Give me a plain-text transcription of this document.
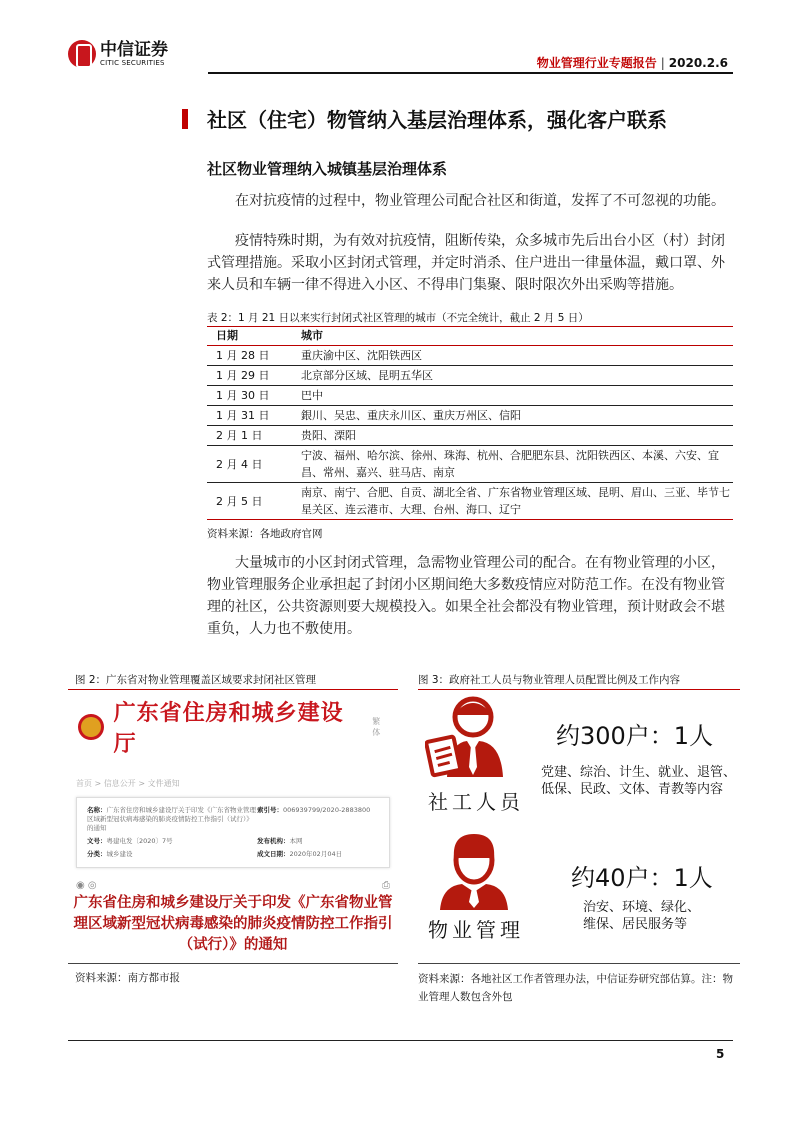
中信证券
CITIC SECURITIES	物业管理行业专题报告 | 2020.2.6
社区（住宅）物管纳入基层治理体系，强化客户联系
社区物业管理纳入城镇基层治理体系

在对抗疫情的过程中，物业管理公司配合社区和街道，发挥了不可忽视的功能。

疫情特殊时期，为有效对抗疫情，阻断传染，众多城市先后出台小区（村）封闭式管理措施。采取小区封闭式管理，并定时消杀、住户进出一律量体温，戴口罩、外来人员和车辆一律不得进入小区、不得串门集聚、限时限次外出采购等措施。

表 2：1 月 21 日以来实行封闭式社区管理的城市（不完全统计，截止 2 月 5 日）
日期	城市
1 月 28 日	重庆渝中区、沈阳铁西区
1 月 29 日	北京部分区域、昆明五华区
1 月 30 日	巴中
1 月 31 日	銀川、吴忠、重庆永川区、重庆万州区、信阳
2 月 1 日	贵阳、溧阳
2 月 4 日	宁波、福州、哈尔滨、徐州、珠海、杭州、合肥肥东县、沈阳铁西区、本溪、六安、宜昌、常州、嘉兴、驻马店、南京
2 月 5 日	南京、南宁、合肥、自贡、湖北全省、广东省物业管理区域、昆明、眉山、三亚、毕节七星关区、连云港市、大理、台州、海口、辽宁
资料来源：各地政府官网

大量城市的小区封闭式管理，急需物业管理公司的配合。在有物业管理的小区，物业管理服务企业承担起了封闭小区期间绝大多数疫情应对防范工作。在没有物业管理的社区，公共资源则要大规模投入。如果全社会都没有物业管理，预计财政会不堪重负，人力也不敷使用。

图 2：广东省对物业管理覆盖区域要求封闭社区管理
广东省住房和城乡建设厅
繁体
首页 > 信息公开 > 文件通知
名称：广东省住房和城乡建设厅关于印发《广东省物业管理区域新型冠状病毒感染的肺炎疫情防控工作指引（试行）》的通知
索引号：006939799/2020-2883800
文号：粤建电发〔2020〕7号	发布机构：本网
分类：城乡建设	成文日期：2020年02月04日
◉ ◎	⎙
广东省住房和城乡建设厅关于印发《广东省物业管理区域新型冠状病毒感染的肺炎疫情防控工作指引（试行）》的通知
资料来源：南方都市报
图 3：政府社工人员与物业管理人员配置比例及工作内容
社工人员
约300户：1人
党建、综治、计生、就业、退管、低保、民政、文体、青教等内容
物业管理
约40户：1人
治安、环境、绿化、维保、居民服务等
资料来源：各地社区工作者管理办法，中信证券研究部估算。注：物业管理人数包含外包
5
